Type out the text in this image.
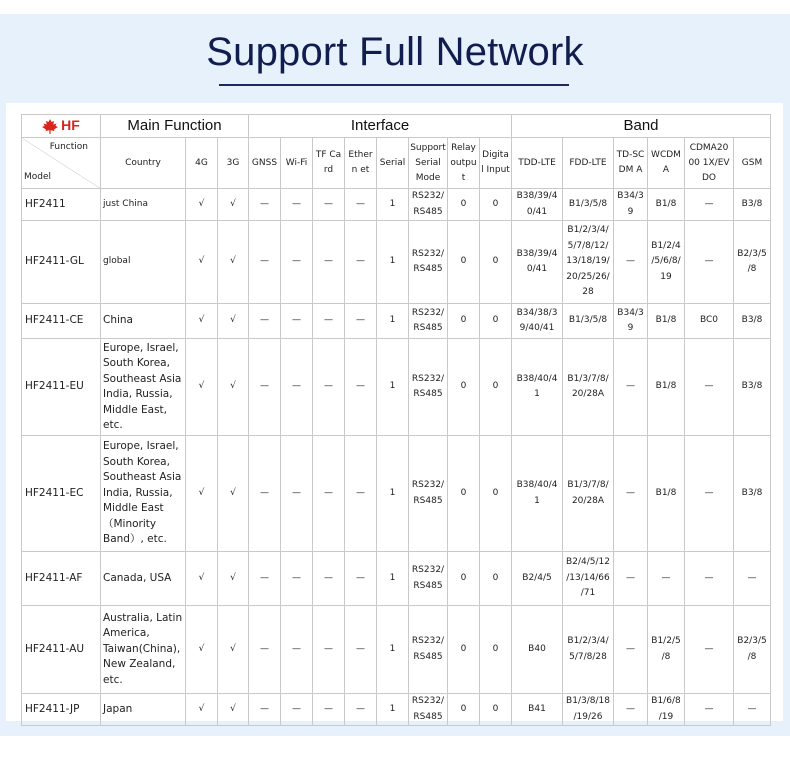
Support Full Network
HF	Main Function			Interface								Band					

Function
Model	Country	4G	3G	GNSS	Wi-Fi	TF Card	Ethern et	Serial	Support Serial Mode	Relay outpu t	Digital Input	TDD-LTE	FDD-LTE	TD-SCDM A	WCDM A	CDMA20 00 1X/EVDO	GSM
HF2411	just China	√	√	—	—	—	—	1	RS232/ RS485	0	0	B38/39/4 0/41	B1/3/5/8	B34/3 9	B1/8	—	B3/8
HF2411-GL	global	√	√	—	—	—	—	1	RS232/ RS485	0	0	B38/39/4 0/41	B1/2/3/4/ 5/7/8/12/ 13/18/19/ 20/25/26/ 28	—	B1/2/4 /5/6/8/ 19	—	B2/3/5 /8
HF2411-CE	China	√	√	—	—	—	—	1	RS232/ RS485	0	0	B34/38/3 9/40/41	B1/3/5/8	B34/3 9	B1/8	BC0	B3/8
HF2411-EU	Europe, Israel, South Korea, Southeast Asia India, Russia, Middle East, etc.	√	√	—	—	—	—	1	RS232/ RS485	0	0	B38/40/4 1	B1/3/7/8/ 20/28A	—	B1/8	—	B3/8
HF2411-EC	Europe, Israel, South Korea, Southeast Asia India, Russia, Middle East （Minority Band）, etc.	√	√	—	—	—	—	1	RS232/ RS485	0	0	B38/40/4 1	B1/3/7/8/ 20/28A	—	B1/8	—	B3/8
HF2411-AF	Canada, USA	√	√	—	—	—	—	1	RS232/ RS485	0	0	B2/4/5	B2/4/5/12 /13/14/66 /71	—	—	—	—
HF2411-AU	Australia, Latin America, Taiwan(China), New Zealand, etc.	√	√	—	—	—	—	1	RS232/ RS485	0	0	B40	B1/2/3/4/ 5/7/8/28	—	B1/2/5 /8	—	B2/3/5 /8
HF2411-JP	Japan	√	√	—	—	—	—	1	RS232/ RS485	0	0	B41	B1/3/8/18 /19/26	—	B1/6/8 /19	—	—
